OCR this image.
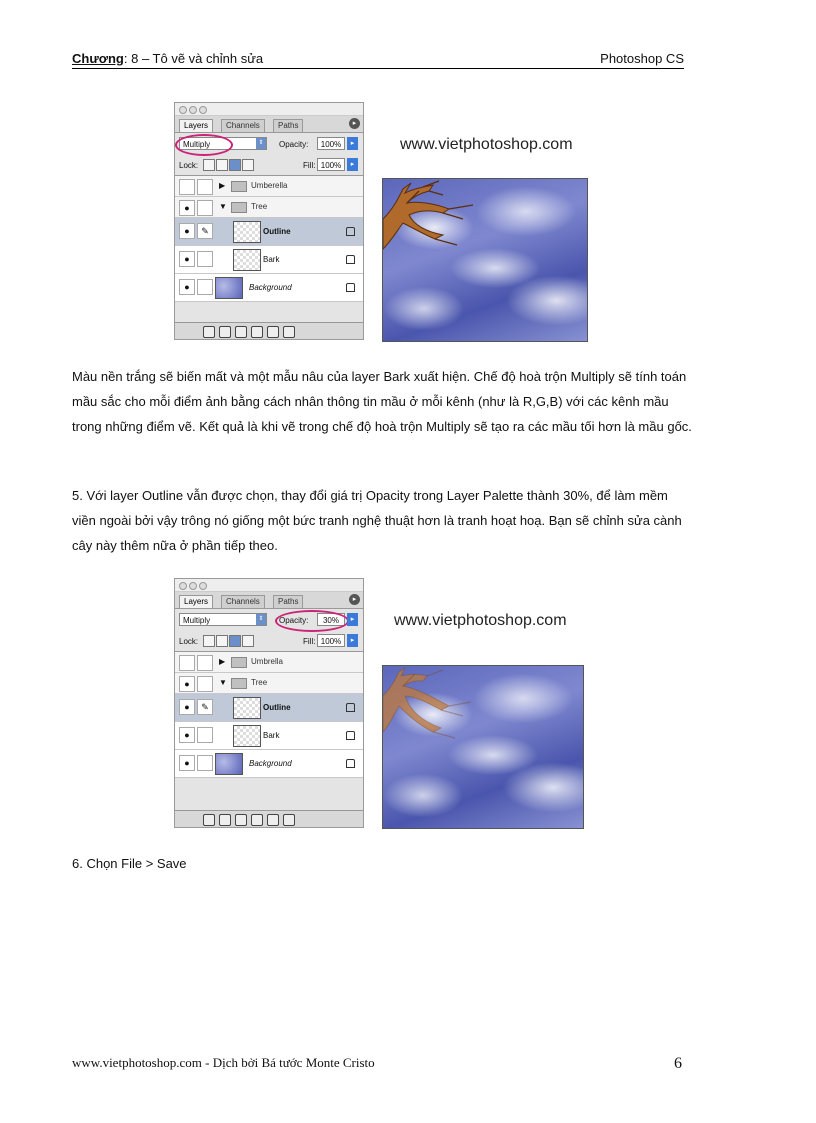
Chương: 8 – Tô vẽ và chỉnh sửa	Photoshop CS
Layers	Channels	Paths	▸
Multiply	⇕	Opacity:	100%	▸
Lock:	Fill: 100%	▸
▶	Umberella
●	▼	Tree
●	✎	Outline
●	Bark
●	Background
www.vietphotoshop.com

Màu nền trắng sẽ biến mất và một mẫu nâu của layer Bark xuất hiện. Chế độ hoà trộn Multiply sẽ tính toán mầu sắc cho mỗi điểm ảnh bằng cách nhân thông tin mầu ở mỗi kênh (như là R,G,B) với các kênh mầu trong những điểm vẽ. Kết quả là khi vẽ trong chế độ hoà trộn Multiply sẽ tạo ra các mầu tối hơn là mầu gốc.

5. Với layer Outline vẫn được chọn, thay đổi giá trị Opacity trong Layer Palette thành 30%, để làm mềm viền ngoài bởi vậy trông nó giống một bức tranh nghệ thuật hơn là tranh hoạt hoạ. Bạn sẽ chỉnh sửa cành cây này thêm nữa ở phần tiếp theo.

Layers	Channels	Paths	▸
Multiply	⇕	Opacity:	30%	▸
Lock:	Fill: 100%	▸
▶	Umbrella
●	▼	Tree
●	✎	Outline
●	Bark
●	Background
www.vietphotoshop.com

6. Chọn File > Save

www.vietphotoshop.com - Dịch bởi Bá tước Monte Cristo	6
